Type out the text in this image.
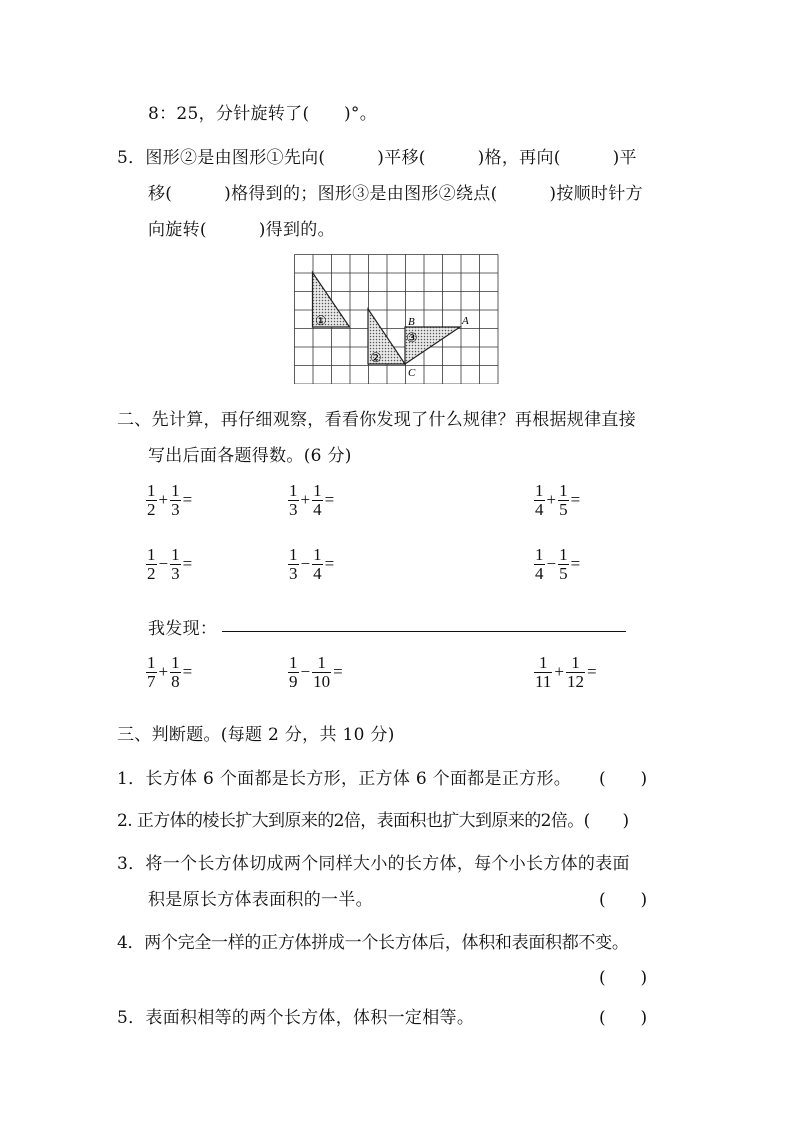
8：25，分针旋转了(　　)°。
5．图形②是由图形①先向(　　　)平移(　　　)格，再向(　　　)平
移(　　　)格得到的；图形③是由图形②绕点(　　　)按顺时针方
向旋转(　　　)得到的。
①
②
③
A
B
C
二、先计算，再仔细观察，看看你发现了什么规律？再根据规律直接
写出后面各题得数。(6 分)
$\frac{1}{2} + \frac{1}{3}$ =	$\frac{1}{3} + \frac{1}{4}$ =	$\frac{1}{4} + \frac{1}{5}$ =
$\frac{1}{2} - \frac{1}{3}$ =	$\frac{1}{3} - \frac{1}{4}$ =	$\frac{1}{4} - \frac{1}{5}$ =
$\frac{1}{7} + \frac{1}{8}$ =	$\frac{1}{9} - \frac{1}{10}$ =	$\frac{1}{11} + \frac{1}{12}$ =
我发现：
三、判断题。(每题 2 分，共 10 分)
1．长方体 6 个面都是长方形，正方体 6 个面都是正方形。 (　　)
2. 正方体的棱长扩大到原来的2倍，表面积也扩大到原来的2倍。(　　)
3．将一个长方体切成两个同样大小的长方体，每个小长方体的表面
积是原长方体表面积的一半。	(　　)
4．两个完全一样的正方体拼成一个长方体后，体积和表面积都不变。
(　　)
5．表面积相等的两个长方体，体积一定相等。	(　　)
